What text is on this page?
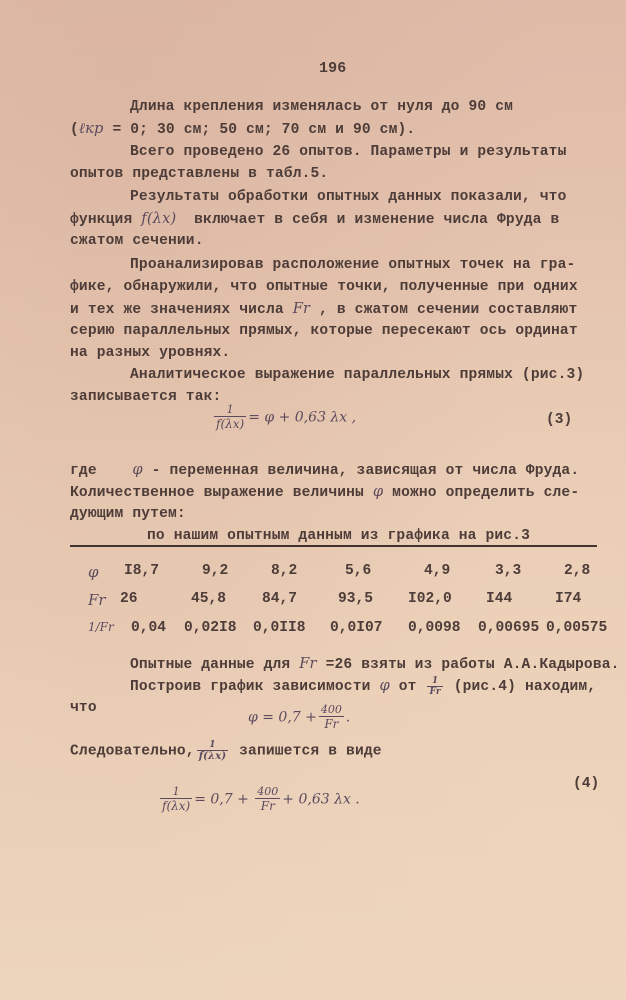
196
Длина крепления изменялась от нуля до 90 см
(ℓкр = 0; 30 см; 50 см; 70 см и 90 см).
Всего проведено 26 опытов. Параметры и результаты
опытов представлены в табл.5.
Результаты обработки опытных данных показали, что
функция f(λx) включает в себя и изменение числа Фруда в
сжатом сечении.
Проанализировав расположение опытных точек на гра-
фике, обнаружили, что опытные точки, полученные при одних
и тех же значениях числа Fr , в сжатом сечении составляют
серию параллельных прямых, которые пересекают ось ординат
на разных уровнях.
Аналитическое выражение параллельных прямых (рис.3)
записывается так:
$\frac{1}{f(\lambda x)} = \varphi + 0,63$ λx ,	(3)
где φ - переменная величина, зависящая от числа Фруда.
Количественное выражение величины φ можно определить сле-
дующим путем:
по нашим опытным данным из графика на рис.3
φ I8,7	9,2	8,2	5,6	4,9	3,3	2,8
Fr 26	45,8 84,7	93,5 I02,0 I44	I74
1/Fr 0,04 0,02I8 0,0II8 0,0I07 0,0098 0,00695 0,00575
Опытные данные для Fr =26 взяты из работы А.А.Кадырова.
Построив график зависимости φ от $\frac{1}{Fr} (рис.4)$ находим,
что
$\varphi = 0,7 + \frac{400}{Fr}$ .
Следовательно, $\frac{1}{f(\lambda x)}$ запишется в виде
$\frac{1}{f(\lambda x)} = 0,7 + \frac{400}{Fr} + 0,63$ λx .
(4)
